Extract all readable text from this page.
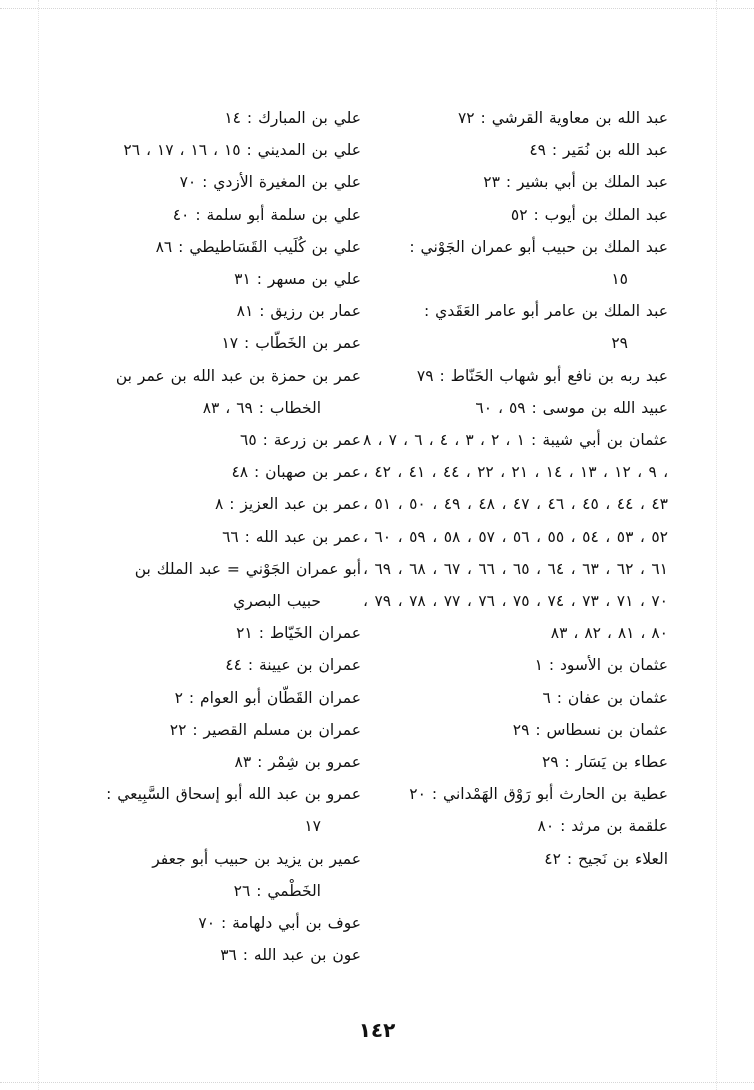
عبد الله بن معاوية القرشي : ٧٢

عبد الله بن نُمَير : ٤٩

عبد الملك بن أبي بشير : ٢٣

عبد الملك بن أيوب : ٥٢

عبد الملك بن حبيب أبو عمران الجَوْني :
١٥

عبد الملك بن عامر أبو عامر العَقَدي :
٢٩

عبد ربه بن نافع أبو شهاب الحَنّاط : ٧٩

عبيد الله بن موسى : ٥٩ ، ٦٠

عثمان بن أبي شيبة : ١ ، ٢ ، ٣ ، ٤ ، ٦ ، ٧ ، ٨ ، ٩ ، ١٢ ، ١٣ ، ١٤ ، ٢١ ، ٢٢ ، ٤٤ ، ٤١ ، ٤٢ ، ٤٣ ، ٤٤ ، ٤٥ ، ٤٦ ، ٤٧ ، ٤٨ ، ٤٩ ، ٥٠ ، ٥١ ، ٥٢ ، ٥٣ ، ٥٤ ، ٥٥ ، ٥٦ ، ٥٧ ، ٥٨ ، ٥٩ ، ٦٠ ، ٦١ ، ٦٢ ، ٦٣ ، ٦٤ ، ٦٥ ، ٦٦ ، ٦٧ ، ٦٨ ، ٦٩ ، ٧٠ ، ٧١ ، ٧٣ ، ٧٤ ، ٧٥ ، ٧٦ ، ٧٧ ، ٧٨ ، ٧٩ ، ٨٠ ، ٨١ ، ٨٢ ، ٨٣

عثمان بن الأسود : ١

عثمان بن عفان : ٦

عثمان بن نسطاس : ٢٩

عطاء بن يَسَار : ٢٩

عطية بن الحارث أبو رَوْق الهَمْداني : ٢٠

علقمة بن مرثد : ٨٠

العلاء بن نَجيح : ٤٢

علي بن المبارك : ١٤

علي بن المديني : ١٥ ، ١٦ ، ١٧ ، ٢٦

علي بن المغيرة الأزدي : ٧٠

علي بن سلمة أبو سلمة : ٤٠

علي بن كُلَيب القَسَاطيطي : ٨٦

علي بن مسهر : ٣١

عمار بن رزيق : ٨١

عمر بن الخَطّاب : ١٧

عمر بن حمزة بن عبد الله بن عمر بن
الخطاب : ٦٩ ، ٨٣

عمر بن زرعة : ٦٥

عمر بن صهبان : ٤٨

عمر بن عبد العزيز : ٨

عمر بن عبد الله : ٦٦

أبو عمران الجَوْني = عبد الملك بن
حبيب البصري

عمران الخَيّاط : ٢١

عمران بن عيينة : ٤٤

عمران القَطّان أبو العوام : ٢

عمران بن مسلم القصير : ٢٢

عمرو بن شِمْر : ٨٣

عمرو بن عبد الله أبو إسحاق السَّبِيعي :
١٧

عمير بن يزيد بن حبيب أبو جعفر
الخَطْمي : ٢٦

عوف بن أبي دلهامة : ٧٠

عون بن عبد الله : ٣٦

١٤٢
